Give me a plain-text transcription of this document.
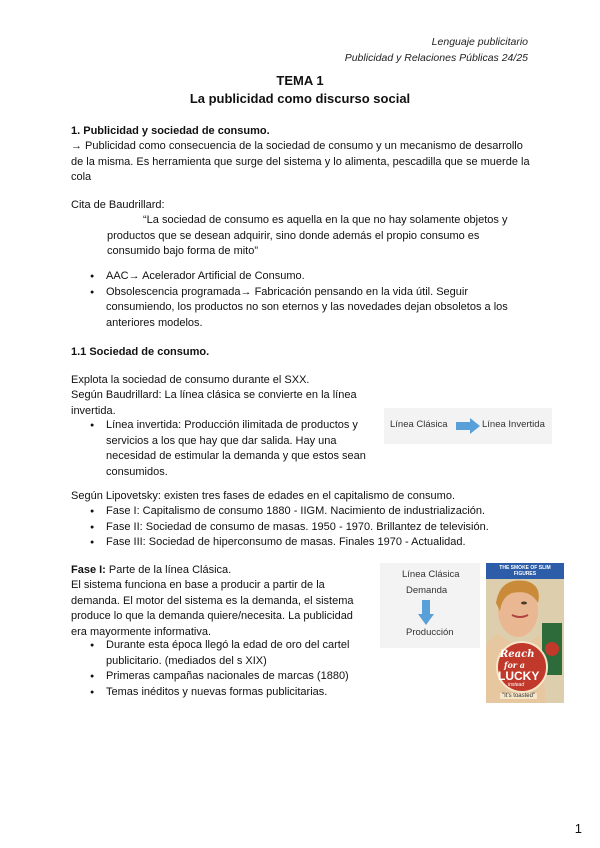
Lenguaje publicitario
Publicidad y Relaciones Públicas 24/25
TEMA 1
La publicidad como discurso social
1. Publicidad y sociedad de consumo.
→ Publicidad como consecuencia de la sociedad de consumo y un mecanismo de desarrollo de la misma. Es herramienta que surge del sistema y lo alimenta, pescadilla que se muerde la cola
Cita de Baudrillard:
“La sociedad de consumo es aquella en la que no hay solamente objetos y productos que se desean adquirir, sino donde además el propio consumo es consumido bajo forma de mito”
● AAC→ Acelerador Artificial de Consumo.
● Obsolescencia programada→ Fabricación pensando en la vida útil. Seguir consumiendo, los productos no son eternos y las novedades dejan obsoletos a los anteriores modelos.
1.1 Sociedad de consumo.
Explota la sociedad de consumo durante el SXX.
Según Baudrillard: La línea clásica se convierte en la línea invertida.
● Línea invertida: Producción ilimitada de productos y servicios a los que hay que dar salida. Hay una necesidad de estimular la demanda y que estos sean consumidos.
Línea Clásica	Línea Invertida
Según Lipovetsky: existen tres fases de edades en el capitalismo de consumo.
● Fase I: Capitalismo de consumo 1880 - IIGM. Nacimiento de industrialización.
● Fase II: Sociedad de consumo de masas. 1950 - 1970. Brillantez de televisión.
● Fase III: Sociedad de hiperconsumo de masas. Finales 1970 - Actualidad.
Fase I: Parte de la línea Clásica.
El sistema funciona en base a producir a partir de la demanda. El motor del sistema es la demanda, el sistema produce lo que la demanda quiere/necesita. La publicidad era mayormente informativa.
● Durante esta época llegó la edad de oro del cartel publicitario. (mediados del s XIX)
● Primeras campañas nacionales de marcas (1880)
● Temas inéditos y nuevas formas publicitarias.
Línea Clásica
Demanda
Producción
THE SMOKE OF SLIM FIGURES
Reach
for a
LUCKY
instead
"It's toasted"
1
